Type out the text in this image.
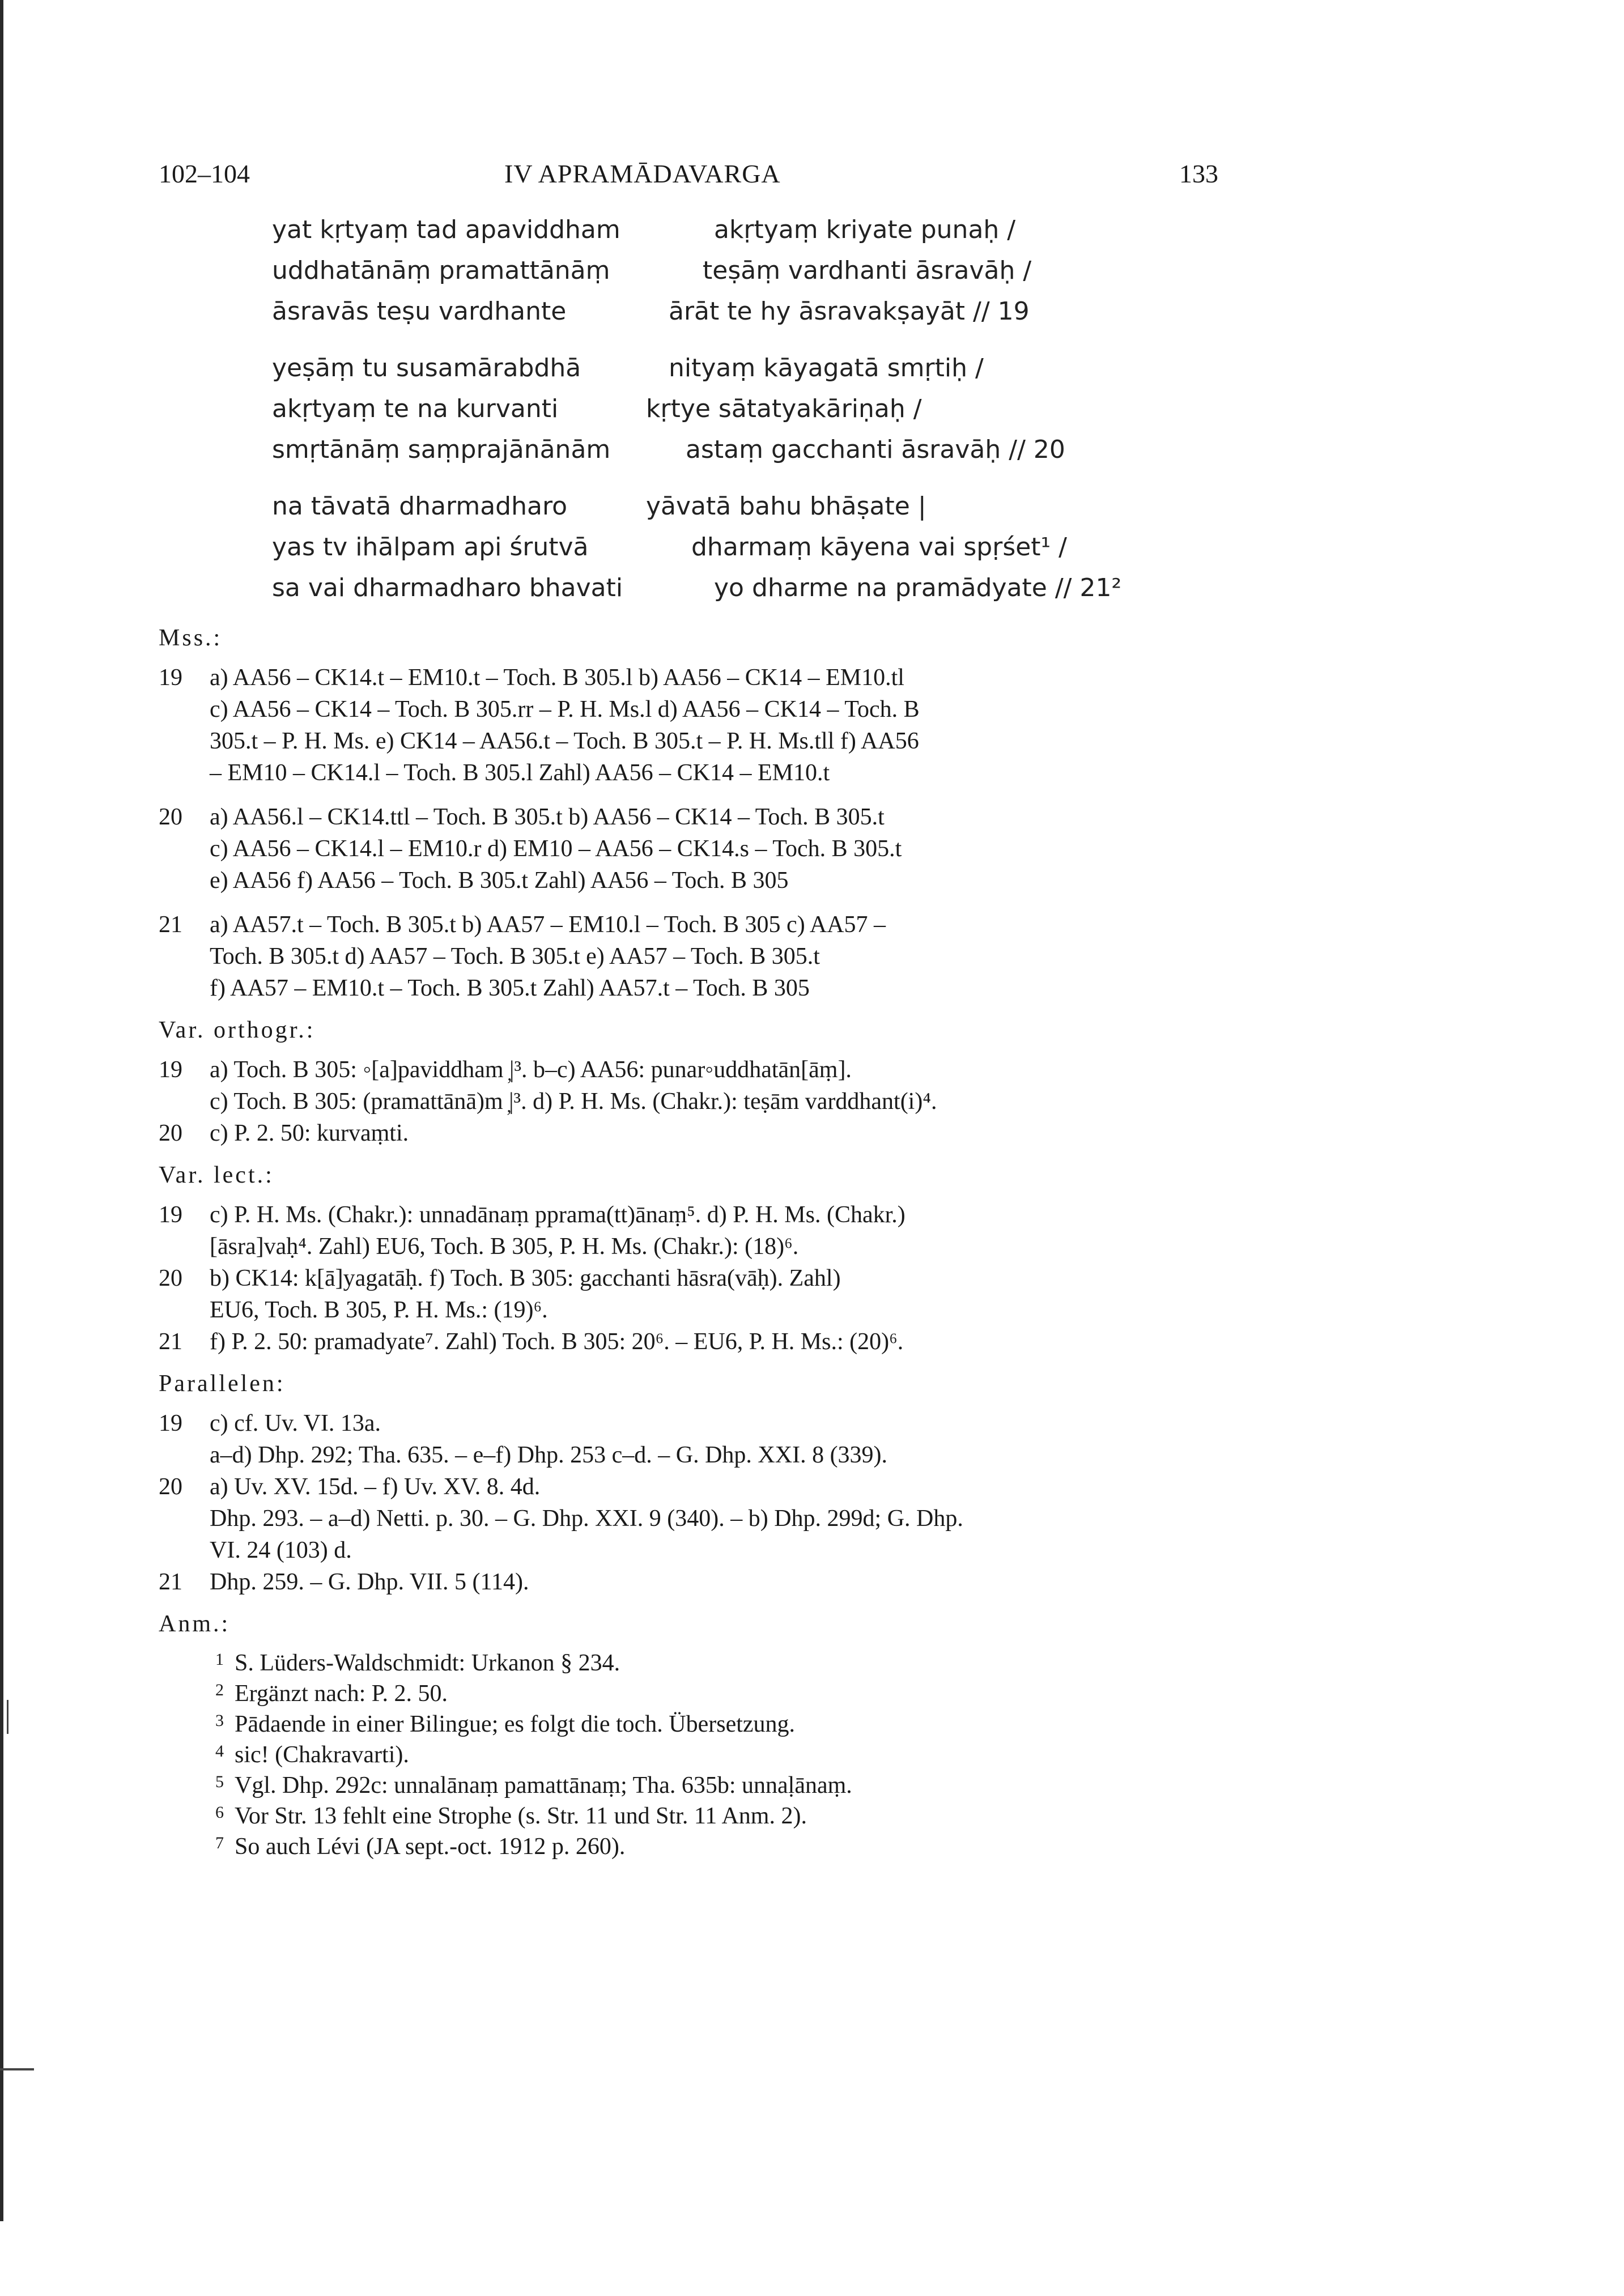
102–104	IV APRAMĀDAVARGA	133
yat kṛtyaṃ tad apaviddham	akṛtyaṃ kriyate punaḥ /
uddhatānāṃ pramattānāṃ	teṣāṃ vardhanti āsravāḥ /
āsravās teṣu vardhante	ārāt te hy āsravakṣayāt // 19
yeṣāṃ tu susamārabdhā	nityaṃ kāyagatā smṛtiḥ /
akṛtyaṃ te na kurvanti	kṛtye sātatyakāriṇaḥ /
smṛtānāṃ saṃprajānānām	astaṃ gacchanti āsravāḥ // 20
na tāvatā dharmadharo	yāvatā bahu bhāṣate |
yas tv ihālpam api śrutvā	dharmaṃ kāyena vai spṛśet¹ /
sa vai dharmadharo bhavati	yo dharme na pramādyate // 21²
Mss.:
19 a) AA56 – CK14.t – EM10.t – Toch. B 305.l b) AA56 – CK14 – EM10.tl
c) AA56 – CK14 – Toch. B 305.rr – P. H. Ms.l d) AA56 – CK14 – Toch. B
305.t – P. H. Ms. e) CK14 – AA56.t – Toch. B 305.t – P. H. Ms.tll f) AA56
– EM10 – CK14.l – Toch. B 305.l Zahl) AA56 – CK14 – EM10.t
20 a) AA56.l – CK14.ttl – Toch. B 305.t b) AA56 – CK14 – Toch. B 305.t
c) AA56 – CK14.l – EM10.r d) EM10 – AA56 – CK14.s – Toch. B 305.t
e) AA56 f) AA56 – Toch. B 305.t Zahl) AA56 – Toch. B 305
21 a) AA57.t – Toch. B 305.t b) AA57 – EM10.l – Toch. B 305 c) AA57 –
Toch. B 305.t d) AA57 – Toch. B 305.t e) AA57 – Toch. B 305.t
f) AA57 – EM10.t – Toch. B 305.t Zahl) AA57.t – Toch. B 305
Var. orthogr.:
19 a) Toch. B 305: ◦[a]paviddham ̦|³. b–c) AA56: punar◦uddhatān[āṃ].
c) Toch. B 305: (pramattānā)m ̦|³. d) P. H. Ms. (Chakr.): teṣām varddhant(i)⁴.
20 c) P. 2. 50: kurvaṃti.
Var. lect.:
19 c) P. H. Ms. (Chakr.): unnadānaṃ pprama(tt)ānaṃ⁵. d) P. H. Ms. (Chakr.)
[āsra]vaḥ⁴. Zahl) EU6, Toch. B 305, P. H. Ms. (Chakr.): (18)⁶.
20 b) CK14: k[ā]yagatāḥ. f) Toch. B 305: gacchanti hāsra(vāḥ). Zahl)
EU6, Toch. B 305, P. H. Ms.: (19)⁶.
21 f) P. 2. 50: pramadyate⁷. Zahl) Toch. B 305: 20⁶. – EU6, P. H. Ms.: (20)⁶.
Parallelen:
19 c) cf. Uv. VI. 13a.
a–d) Dhp. 292; Tha. 635. – e–f) Dhp. 253 c–d. – G. Dhp. XXI. 8 (339).
20 a) Uv. XV. 15d. – f) Uv. XV. 8. 4d.
Dhp. 293. – a–d) Netti. p. 30. – G. Dhp. XXI. 9 (340). – b) Dhp. 299d; G. Dhp.
VI. 24 (103) d.
21 Dhp. 259. – G. Dhp. VII. 5 (114).
Anm.:
1 S. Lüders-Waldschmidt: Urkanon § 234.
2 Ergänzt nach: P. 2. 50.
3 Pādaende in einer Bilingue; es folgt die toch. Übersetzung.
4 sic! (Chakravarti).
5 Vgl. Dhp. 292c: unnalānaṃ pamattānaṃ; Tha. 635b: unnaḷānaṃ.
6 Vor Str. 13 fehlt eine Strophe (s. Str. 11 und Str. 11 Anm. 2).
7 So auch Lévi (JA sept.-oct. 1912 p. 260).
